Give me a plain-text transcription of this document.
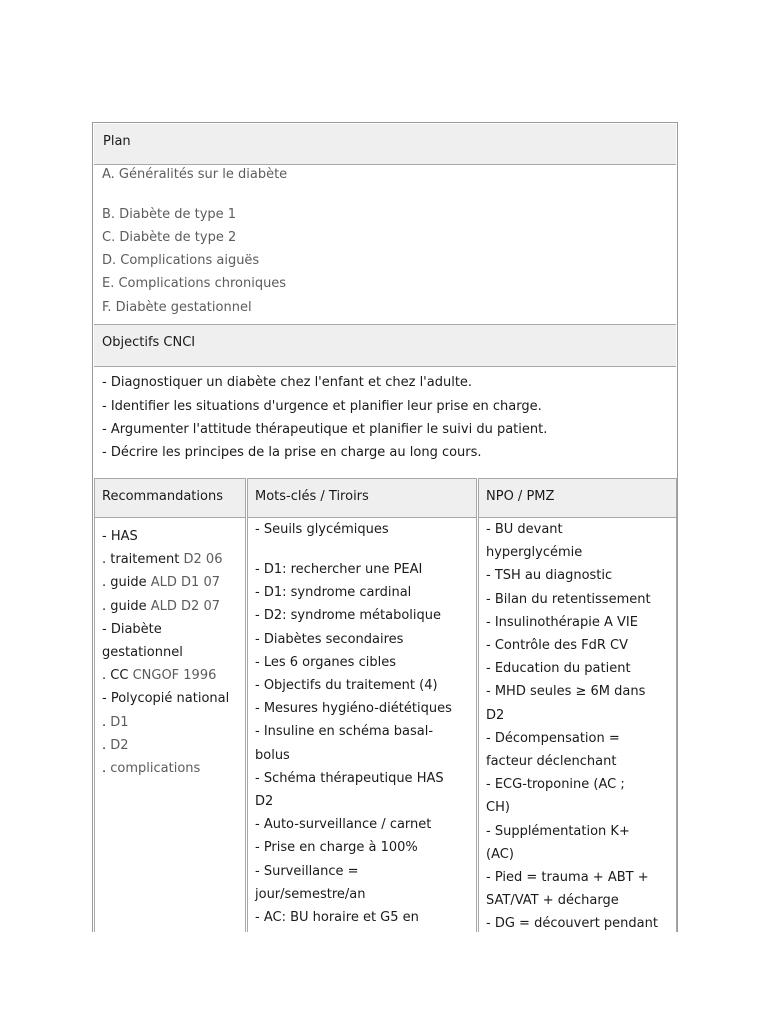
Plan
A. Généralités sur le diabète
B. Diabète de type 1
C. Diabète de type 2
D. Complications aiguës
E. Complications chroniques
F. Diabète gestationnel
Objectifs CNCI
- Diagnostiquer un diabète chez l'enfant et chez l'adulte.
- Identifier les situations d'urgence et planifier leur prise en charge.
- Argumenter l'attitude thérapeutique et planifier le suivi du patient.
- Décrire les principes de la prise en charge au long cours.
Recommandations
- HAS
. traitement D2 06
. guide ALD D1 07
. guide ALD D2 07
- Diabète
gestationnel
. CC CNGOF 1996
- Polycopié national
. D1
. D2
. complications
Mots-clés / Tiroirs
- Seuils glycémiques
- D1: rechercher une PEAI
- D1: syndrome cardinal
- D2: syndrome métabolique
- Diabètes secondaires
- Les 6 organes cibles
- Objectifs du traitement (4)
- Mesures hygiéno-diététiques
- Insuline en schéma basal-
bolus
- Schéma thérapeutique HAS
D2
- Auto-surveillance / carnet
- Prise en charge à 100%
- Surveillance =
jour/semestre/an
- AC: BU horaire et G5 en
NPO / PMZ
- BU devant
hyperglycémie
- TSH au diagnostic
- Bilan du retentissement
- Insulinothérapie A VIE
- Contrôle des FdR CV
- Education du patient
- MHD seules ≥ 6M dans
D2
- Décompensation =
facteur déclenchant
- ECG-troponine (AC ;
CH)
- Supplémentation K+
(AC)
- Pied = trauma + ABT +
SAT/VAT + décharge
- DG = découvert pendant
